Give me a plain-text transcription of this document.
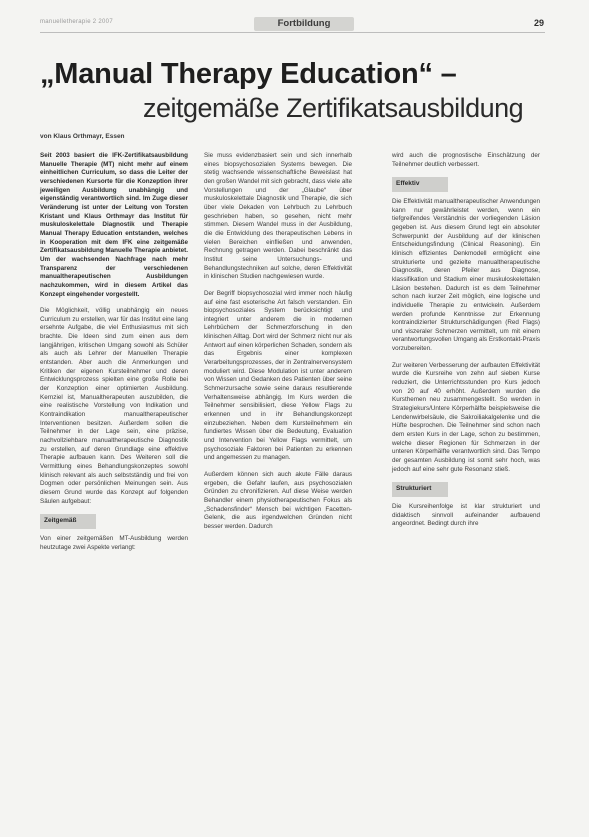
manuelletherapie 2 2007	Fortbildung	29
„Manual Therapy Education“ –
zeitgemäße Zertifikatsausbildung
von Klaus Orthmayr, Essen

Seit 2003 basiert die IFK-Zertifikatsausbildung Manuelle Therapie (MT) nicht mehr auf einem einheitlichen Curriculum, so dass die Leiter der verschiedenen Kursorte für die Konzeption ihrer jeweiligen Ausbildung unabhängig und eigenständig verantwortlich sind. Im Zuge dieser Veränderung ist unter der Leitung von Torsten Kristant und Klaus Orthmayr das Institut für muskuloskelettale Diagnostik und Therapie Manual Therapy Education entstanden, welches in Kooperation mit dem IFK eine zeitgemäße Zertifikatsausbildung Manuelle Therapie anbietet. Um der wachsenden Nachfrage nach mehr Transparenz der verschiedenen manualtherapeutischen Ausbildungen nachzukommen, wird in diesem Artikel das Konzept eingehender vorgestellt.

Die Möglichkeit, völlig unabhängig ein neues Curriculum zu erstellen, war für das Institut eine lang ersehnte Aufgabe, die viel Enthusiasmus mit sich brachte. Die Ideen sind zum einen aus dem langjährigen, kritischen Umgang sowohl als Schüler als auch als Lehrer der Manuellen Therapie entstanden. Aber auch die Anmerkungen und Kritiken der eigenen Kursteilnehmer und deren Entwicklungsprozess spielten eine große Rolle bei der Konzeption einer optimierten Ausbildung. Kernziel ist, Manualtherapeuten auszubilden, die eine realistische Vorstellung von Indikation und Kontraindikation manualtherapeutischer Interventionen besitzen. Außerdem sollen die Teilnehmer in der Lage sein, eine präzise, nachvollziehbare manualtherapeutische Diagnostik zu erstellen, auf deren Grundlage eine effektive Therapie aufbauen kann. Des Weiteren soll die Vermittlung eines Behandlungskonzeptes sowohl klinisch relevant als auch selbstständig und frei von Dogmen oder persönlichen Meinungen sein. Aus diesem Grund wurde das Konzept auf folgenden Säulen aufgebaut:

Zeitgemäß

Von einer zeitgemäßen MT-Ausbildung werden heutzutage zwei Aspekte verlangt:

Sie muss evidenzbasiert sein und sich innerhalb eines biopsychosozialen Systems bewegen. Die stetig wachsende wissenschaftliche Beweislast hat den großen Wandel mit sich gebracht, dass viele alte Vorstellungen und der „Glaube“ über muskuloskelettale Diagnostik und Therapie, die sich über viele Dekaden von Lehrbuch zu Lehrbuch geschrieben haben, so gesehen, nicht mehr stimmen. Diesem Wandel muss in der Ausbildung, die die Entwicklung des therapeutischen Lebens in vielen Bereichen einfließen und anwenden, Rechnung getragen werden. Dabei beschränkt das Institut seine Untersuchungs- und Behandlungstechniken auf solche, deren Effektivität in klinischen Studien nachgewiesen wurde.

Der Begriff biopsychosozial wird immer noch häufig auf eine fast esoterische Art falsch verstanden. Ein biopsychosoziales System berücksichtigt und integriert unter anderem die in modernen Lehrbüchern der Schmerzforschung in den klinischen Alltag. Dort wird der Schmerz nicht nur als Antwort auf einen körperlichen Schaden, sondern als das Ergebnis einer komplexen Verarbeitungsprozesses, der in Zentralnervensystem moduliert wird. Diese Modulation ist unter anderem von Wissen und Gedanken des Patienten über seine Schmerzursache sowie seine daraus resultierende Verhaltensweise abhängig. Im Kurs werden die Teilnehmer sensibilisiert, diese Yellow Flags zu erkennen und in ihr Behandlungskonzept einzubeziehen. Neben dem Kursteilnehmern ein fundiertes Wissen über die Bedeutung, Evaluation und Intervention bei Yellow Flags vermittelt, um psychosoziale Faktoren bei Patienten zu erkennen und angemessen zu managen.

Außerdem können sich auch akute Fälle daraus ergeben, die Gefahr laufen, aus psychosozialen Gründen zu chronifizieren. Auf diese Weise werden Behandler einem physiotherapeutischen Fokus als „Schadensfinder“ Mensch bei wichtigen Facetten-Gelenk, die aus irgendwelchen Gründen nicht besser werden. Dadurch

wird auch die prognostische Einschätzung der Teilnehmer deutlich verbessert.

Effektiv

Die Effektivität manualtherapeutischer Anwendungen kann nur gewährleistet werden, wenn ein tiefgreifendes Verständnis der vorliegenden Läsion gegeben ist. Aus diesem Grund legt ein absoluter Schwerpunkt der Ausbildung auf der klinischen Entscheidungsfindung (Clinical Reasoning). Ein klinisch effizientes Denkmodell ermöglicht eine strukturierte und gezielte manualtherapeutische Diagnostik, deren Pfeiler aus Diagnose, klassifikation und Stadium einer muskuloskelettalen Läsion bestehen. Dadurch ist es dem Teilnehmer schon nach kurzer Zeit möglich, eine logische und individuelle Therapie zu entwickeln. Außerdem werden profunde Kenntnisse zur Erkennung kontraindizierter Strukturschädigungen (Red Flags) und viszeraler Schmerzen vermittelt, um mit einem verantwortungsvollen Umgang als Erstkontakt-Praxis vorzubereiten.

Zur weiteren Verbesserung der aufbauten Effektivität wurde die Kursreihe von zehn auf sieben Kurse reduziert, die Unterrichtsstunden pro Kurs jedoch von 20 auf 40 erhöht. Außerdem wurden die Kursthemen neu zusammengestellt. So werden in Strategiekurs/Untere Körperhälfte beispielsweise die Lendenwirbelsäule, die Sakroiliakalgelenke und die Hüfte besprochen. Die Teilnehmer sind schon nach dem ersten Kurs in der Lage, schon zu bestimmen, welche dieser Regionen für Schmerzen in der unteren Körperhälfte verantwortlich sind. Das Tempo der gesamten Ausbildung ist somit sehr hoch, was jedoch auf eine sehr gute Resonanz stieß.

Strukturiert

Die Kursreihenfolge ist klar strukturiert und didaktisch sinnvoll aufeinander aufbauend angeordnet. Bedingt durch ihre
